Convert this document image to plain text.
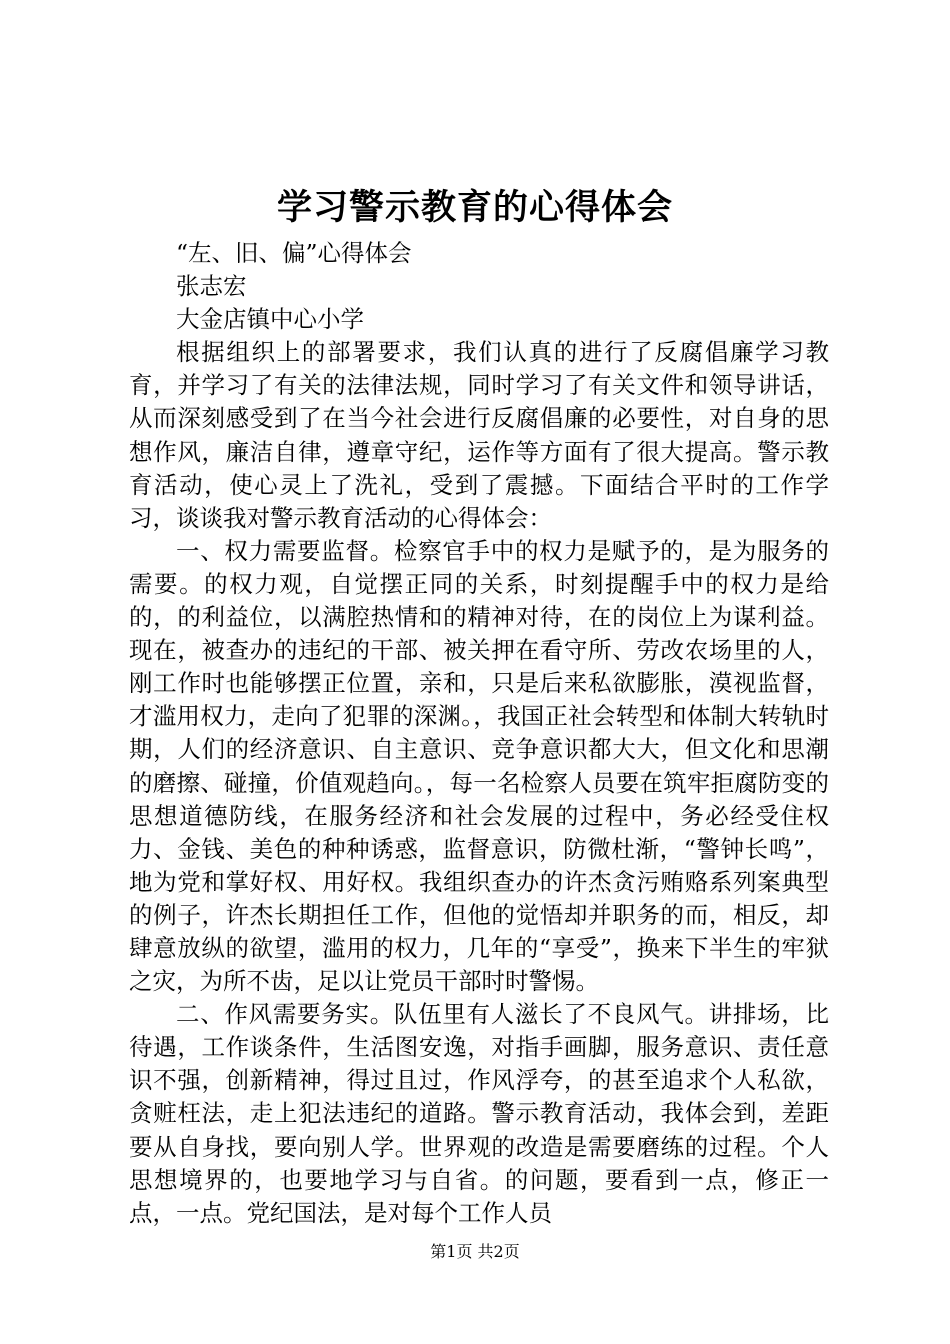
学习警示教育的心得体会

“左、旧、偏”心得体会

张志宏

大金店镇中心小学

根据组织上的部署要求，我们认真的进行了反腐倡廉学习教育，并学习了有关的法律法规，同时学习了有关文件和领导讲话，从而深刻感受到了在当今社会进行反腐倡廉的必要性，对自身的思想作风，廉洁自律，遵章守纪，运作等方面有了很大提高。警示教育活动，使心灵上了洗礼，受到了震撼。下面结合平时的工作学习，谈谈我对警示教育活动的心得体会：

一、权力需要监督。检察官手中的权力是赋予的，是为服务的需要。的权力观，自觉摆正同的关系，时刻提醒手中的权力是给的，的利益位，以满腔热情和的精神对待，在的岗位上为谋利益。现在，被查办的违纪的干部、被关押在看守所、劳改农场里的人，刚工作时也能够摆正位置，亲和，只是后来私欲膨胀，漠视监督，才滥用权力，走向了犯罪的深渊。，我国正社会转型和体制大转轨时期，人们的经济意识、自主意识、竞争意识都大大，但文化和思潮的磨擦、碰撞，价值观趋向。，每一名检察人员要在筑牢拒腐防变的思想道德防线，在服务经济和社会发展的过程中，务必经受住权力、金钱、美色的种种诱惑，监督意识，防微杜渐，“警钟长鸣”，地为党和掌好权、用好权。我组织查办的许杰贪污贿赂系列案典型的例子，许杰长期担任工作，但他的觉悟却并职务的而，相反，却肆意放纵的欲望，滥用的权力，几年的“享受”，换来下半生的牢狱之灾，为所不齿，足以让党员干部时时警惕。

二、作风需要务实。队伍里有人滋长了不良风气。讲排场，比待遇，工作谈条件，生活图安逸，对指手画脚，服务意识、责任意识不强，创新精神，得过且过，作风浮夸，的甚至追求个人私欲，贪赃枉法，走上犯法违纪的道路。警示教育活动，我体会到，差距要从自身找，要向别人学。世界观的改造是需要磨练的过程。个人思想境界的，也要地学习与自省。的问题，要看到一点，修正一点，一点。党纪国法，是对每个工作人员

第1页 共2页
